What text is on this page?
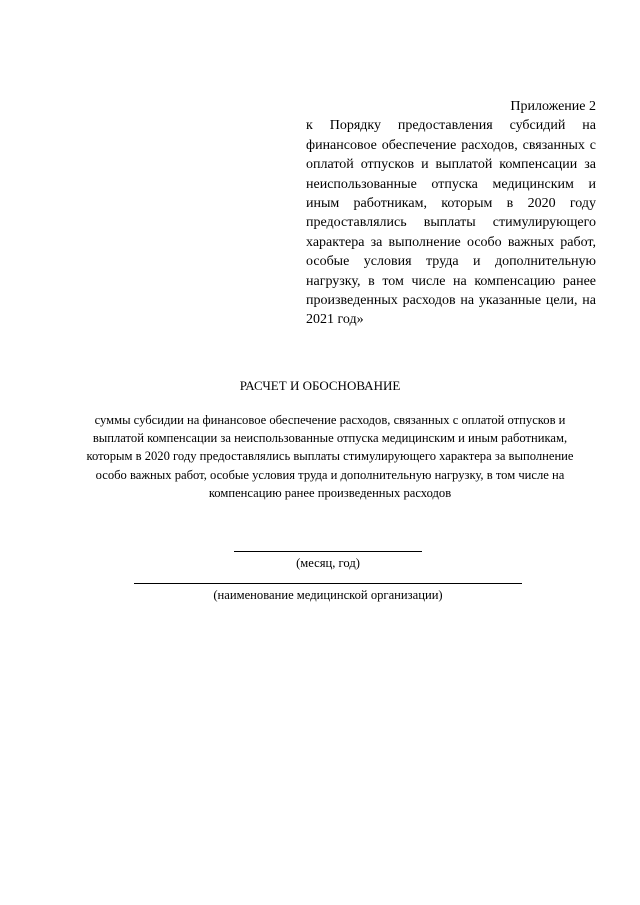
Приложение 2
к Порядку предоставления субсидий на финансовое обеспечение расходов, связанных с оплатой отпусков и выплатой компенсации за неиспользованные отпуска медицинским и иным работникам, которым в 2020 году предоставлялись выплаты стимулирующего характера за выполнение особо важных работ, особые условия труда и дополнительную нагрузку, в том числе на компенсацию ранее произведенных расходов на указанные цели, на 2021 год»
РАСЧЕТ И ОБОСНОВАНИЕ
суммы субсидии на финансовое обеспечение расходов, связанных с оплатой отпусков и
выплатой компенсации за неиспользованные отпуска медицинским и иным работникам,
которым в 2020 году предоставлялись выплаты стимулирующего характера за выполнение
особо важных работ, особые условия труда и дополнительную нагрузку, в том числе на
компенсацию ранее произведенных расходов
(месяц, год)
(наименование медицинской организации)
